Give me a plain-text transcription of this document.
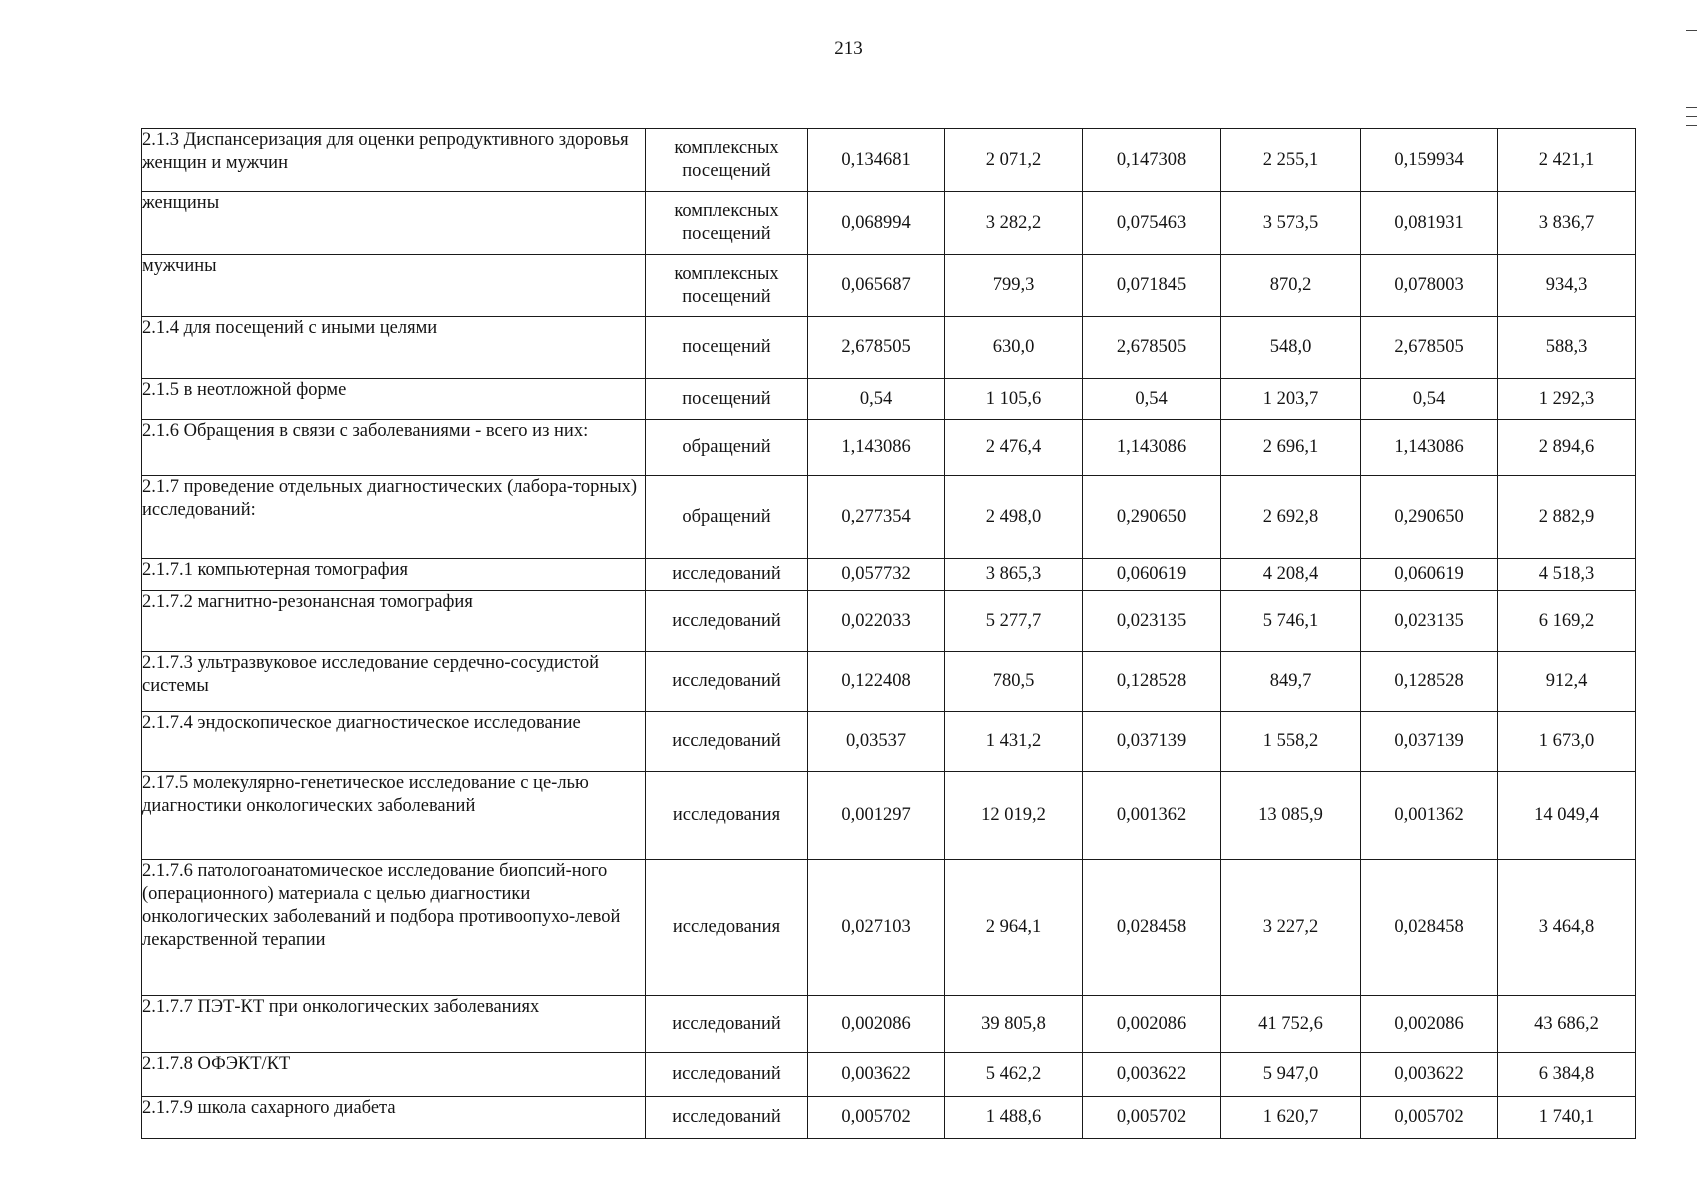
213
2.1.3 Диспансеризация для оценки репродуктивного здоровья женщин и мужчин	комплексных посещений	0,134681	2 071,2	0,147308	2 255,1	0,159934	2 421,1
женщины	комплексных посещений	0,068994	3 282,2	0,075463	3 573,5	0,081931	3 836,7
мужчины	комплексных посещений	0,065687	799,3	0,071845	870,2	0,078003	934,3
2.1.4 для посещений с иными целями	посещений	2,678505	630,0	2,678505	548,0	2,678505	588,3
2.1.5 в неотложной форме	посещений	0,54	1 105,6	0,54	1 203,7	0,54	1 292,3
2.1.6 Обращения в связи с заболеваниями - всего из них:	обращений	1,143086	2 476,4	1,143086	2 696,1	1,143086	2 894,6
2.1.7 проведение отдельных диагностических (лабора-торных) исследований:	обращений	0,277354	2 498,0	0,290650	2 692,8	0,290650	2 882,9
2.1.7.1 компьютерная томография	исследований	0,057732	3 865,3	0,060619	4 208,4	0,060619	4 518,3
2.1.7.2 магнитно-резонансная томография	исследований	0,022033	5 277,7	0,023135	5 746,1	0,023135	6 169,2
2.1.7.3 ультразвуковое исследование сердечно-сосудистой системы	исследований	0,122408	780,5	0,128528	849,7	0,128528	912,4
2.1.7.4 эндоскопическое диагностическое исследование	исследований	0,03537	1 431,2	0,037139	1 558,2	0,037139	1 673,0
2.17.5 молекулярно-генетическое исследование с це-лью диагностики онкологических заболеваний	исследования	0,001297	12 019,2	0,001362	13 085,9	0,001362	14 049,4
2.1.7.6 патологоанатомическое исследование биопсий-ного (операционного) материала с целью диагностики онкологических заболеваний и подбора противоопухо-левой лекарственной терапии	исследования	0,027103	2 964,1	0,028458	3 227,2	0,028458	3 464,8
2.1.7.7 ПЭТ-КТ при онкологических заболеваниях	исследований	0,002086	39 805,8	0,002086	41 752,6	0,002086	43 686,2
2.1.7.8 ОФЭКТ/КТ	исследований	0,003622	5 462,2	0,003622	5 947,0	0,003622	6 384,8
2.1.7.9 школа сахарного диабета	исследований	0,005702	1 488,6	0,005702	1 620,7	0,005702	1 740,1
